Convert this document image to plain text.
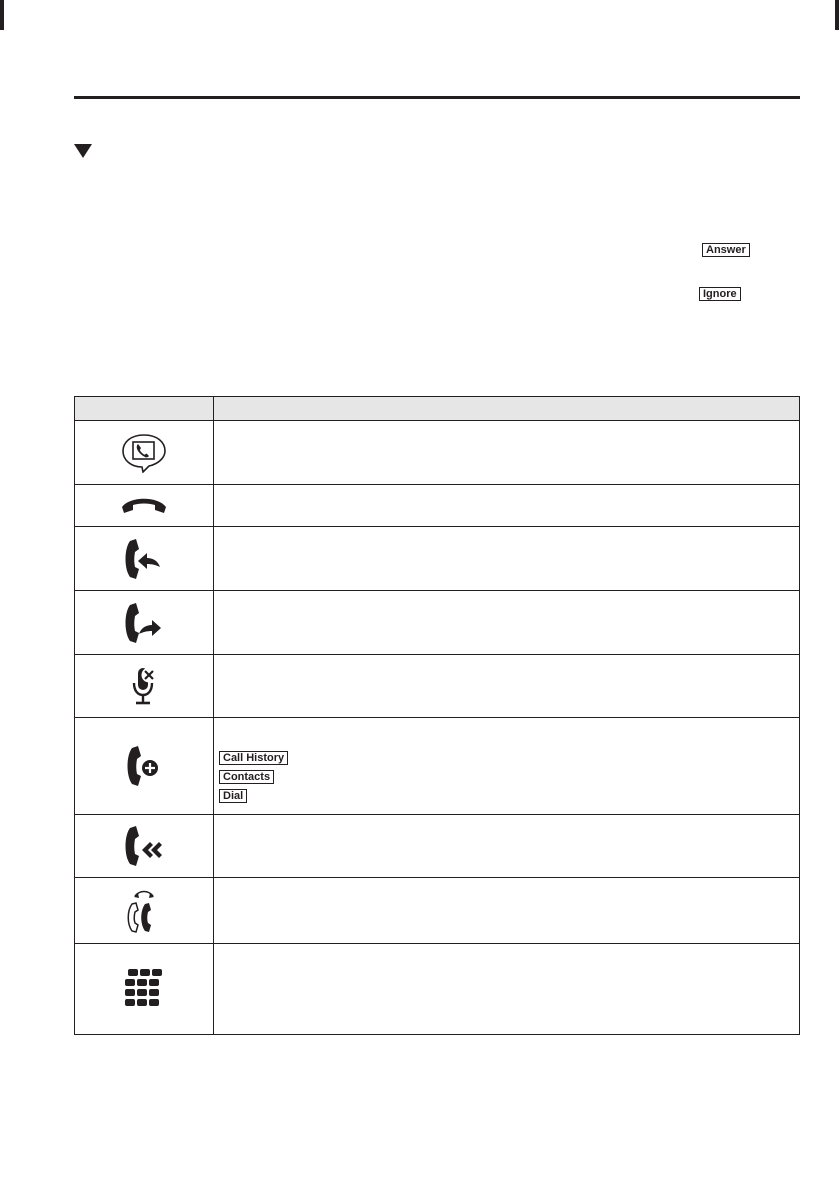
Answer
Ignore

Call History
Contacts
Dial
